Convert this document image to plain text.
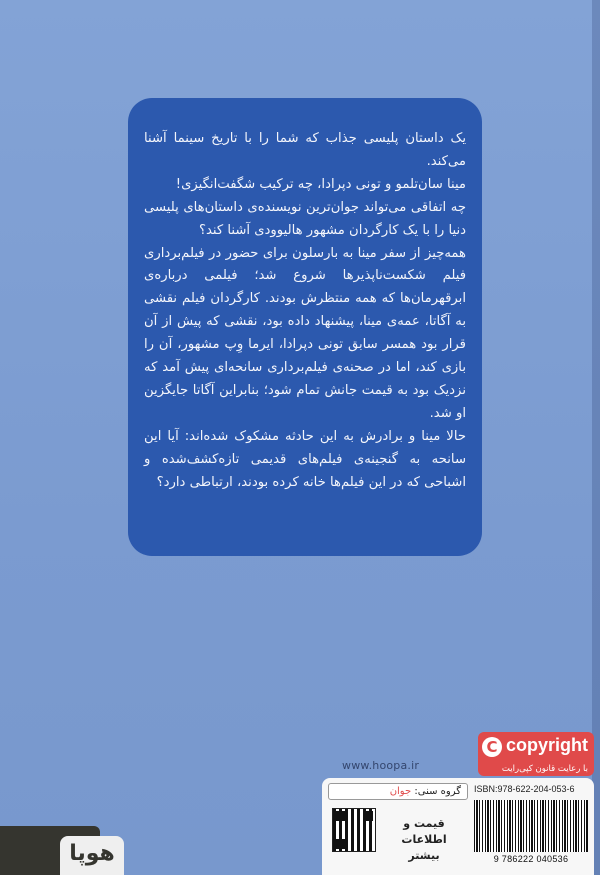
یک داستان پلیسی جذاب که شما را با تاریخ سینما آشنا می‌کند.

مینا سان‌تلمو و تونی دپرادا، چه ترکیب شگفت‌انگیزی!
چه اتفاقی می‌تواند جوان‌ترین نویسنده‌ی داستان‌های پلیسی دنیا را با یک کارگردان مشهور هالیوودی آشنا کند؟

همه‌چیز از سفر مینا به بارسلون برای حضور در فیلم‌برداری فیلم شکست‌ناپذیرها شروع شد؛ فیلمی درباره‌ی ابرقهرمان‌ها که همه منتظرش بودند. کارگردان فیلم نقشی به آگاتا، عمه‌ی مینا، پیشنهاد داده بود، نقشی که پیش از آن قرار بود همسر سابق تونی دپرادا، ایرما وِپ مشهور، آن را بازی کند، اما در صحنه‌ی فیلم‌برداری سانحه‌ای پیش آمد که نزدیک بود به قیمت جانش تمام شود؛ بنابراین آگاتا جایگزین او شد.

حالا مینا و برادرش به این حادثه مشکوک شده‌اند: آیا این سانحه به گنجینه‌ی فیلم‌های قدیمی تازه‌کشف‌شده و اشباحی که در این فیلم‌ها خانه کرده بودند، ارتباطی دارد؟

www.hoopa.ir
C copyright
با رعایت قانون کپی‌رایت
گروه سنی: جوان	ISBN:978-622-204-053-6
9 786222 040536
قیمت و
اطلاعات بیشتر
هوپا
